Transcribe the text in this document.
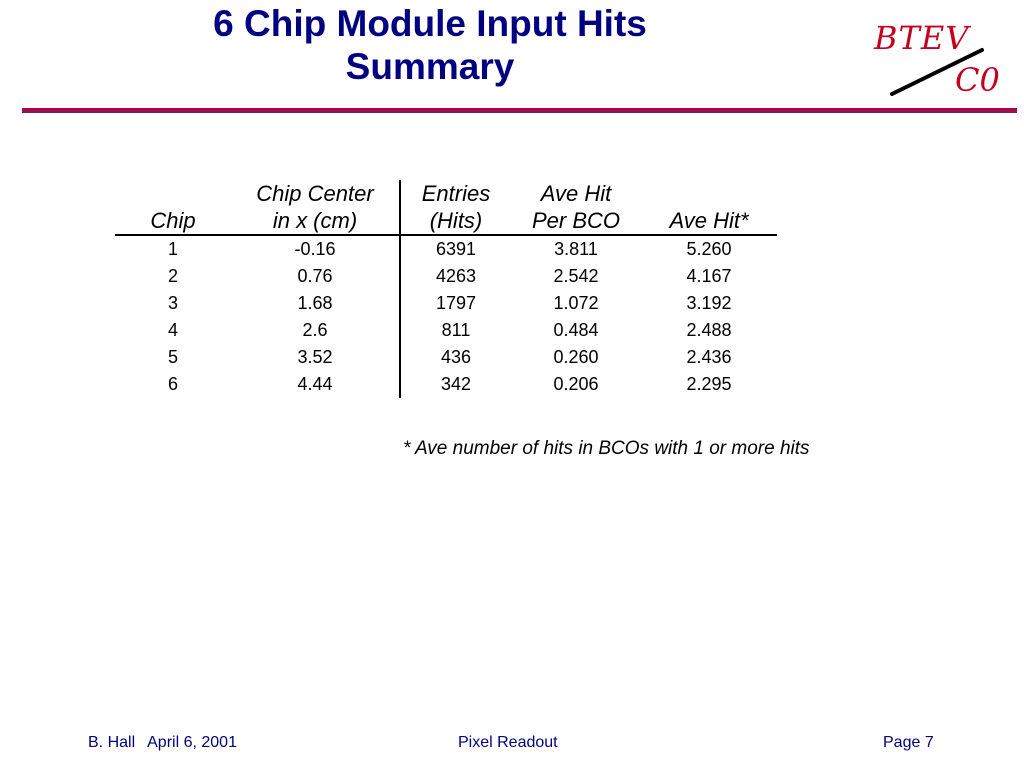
6 Chip Module Input Hits
Summary
BTEV
C0
	Chip Center	Entries	Ave Hit	
Chip	in x (cm)	(Hits)	Per BCO	Ave Hit*
1	-0.16	6391	3.811	5.260
2	0.76	4263	2.542	4.167
3	1.68	1797	1.072	3.192
4	2.6	811	0.484	2.488
5	3.52	436	0.260	2.436
6	4.44	342	0.206	2.295
* Ave number of hits in BCOs with 1 or more hits
B. Hall April 6, 2001	Pixel Readout	Page 7
